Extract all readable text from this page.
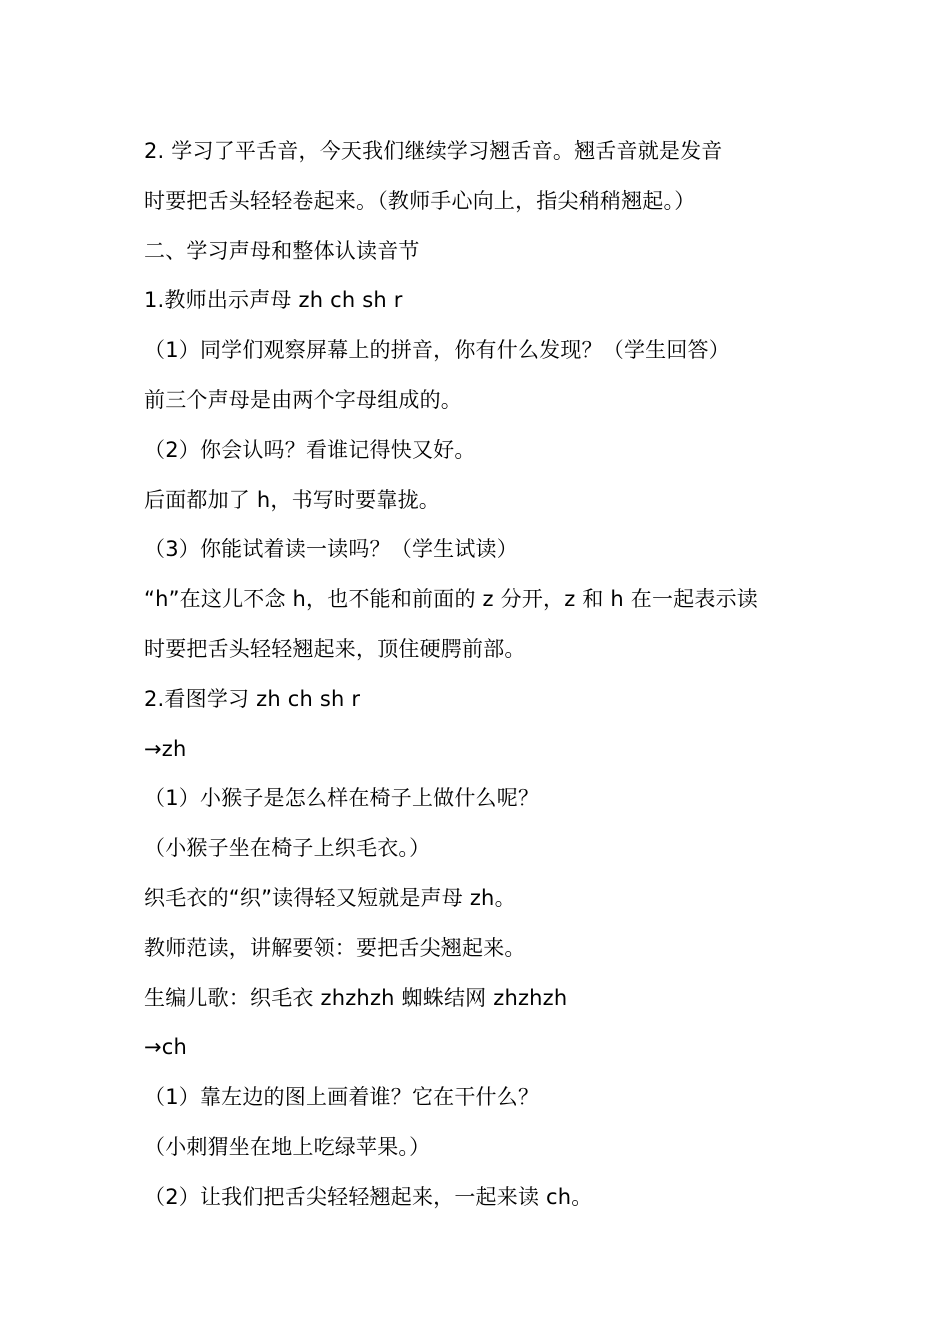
2. 学习了平舌音，今天我们继续学习翘舌音。翘舌音就是发音
时要把舌头轻轻卷起来。（教师手心向上，指尖稍稍翘起。）
二、学习声母和整体认读音节
1.教师出示声母 zh ch sh r
（1）同学们观察屏幕上的拼音，你有什么发现？（学生回答）
前三个声母是由两个字母组成的。
（2）你会认吗？看谁记得快又好。
后面都加了 h，书写时要靠拢。
（3）你能试着读一读吗？（学生试读）
“h”在这儿不念 h，也不能和前面的 z 分开，z 和 h 在一起表示读
时要把舌头轻轻翘起来，顶住硬腭前部。
2.看图学习 zh ch sh r
→zh
（1）小猴子是怎么样在椅子上做什么呢？
（小猴子坐在椅子上织毛衣。）
织毛衣的“织”读得轻又短就是声母 zh。
教师范读，讲解要领：要把舌尖翘起来。
生编儿歌：织毛衣 zhzhzh 蜘蛛结网 zhzhzh
→ch
（1）靠左边的图上画着谁？它在干什么？
（小刺猬坐在地上吃绿苹果。）
（2）让我们把舌尖轻轻翘起来，一起来读 ch。
